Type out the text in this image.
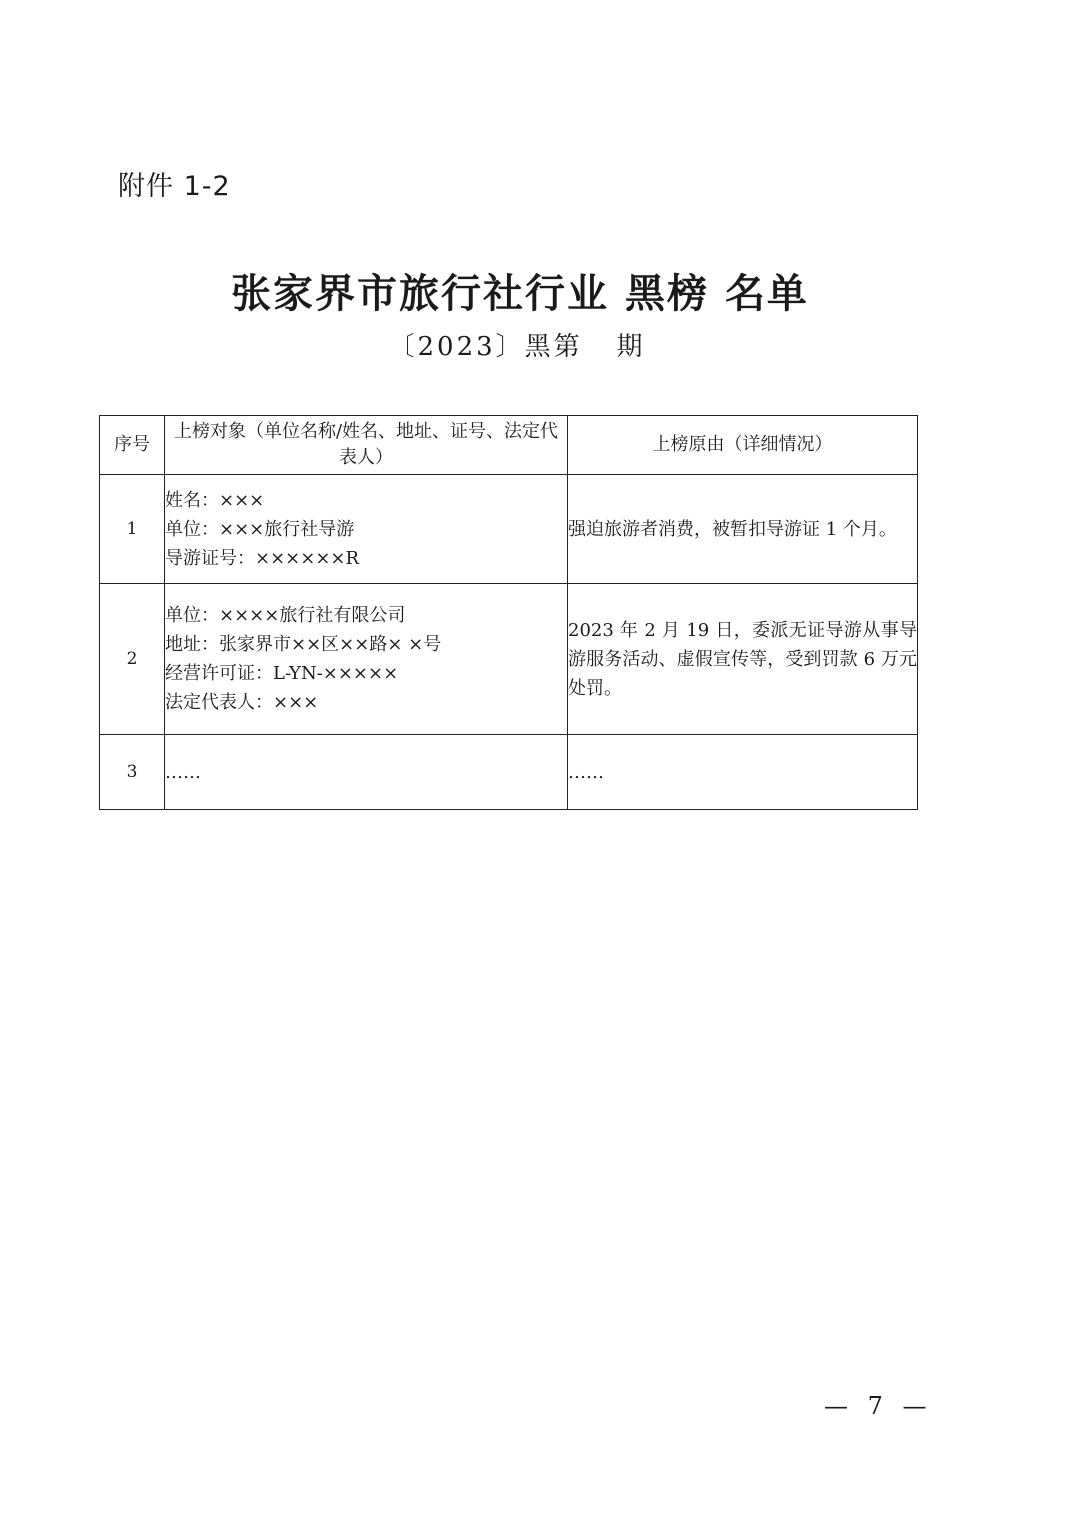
附件 1-2
张家界市旅行社行业 黑榜 名单
〔2023〕黑第   期
序号	上榜对象（单位名称/姓名、地址、证号、法定代表人）	上榜原由（详细情况）
1	姓名：×××
单位：×××旅行社导游
导游证号：××××××R	强迫旅游者消费，被暂扣导游证 1 个月。

2	单位：××××旅行社有限公司
地址：张家界市××区××路× ×号
经营许可证：L-YN-×××××
法定代表人：×××	2023 年 2 月 19 日，委派无证导游从事导游服务活动、虚假宣传等，受到罚款 6 万元处罚。

3	……	……
— 7 —
